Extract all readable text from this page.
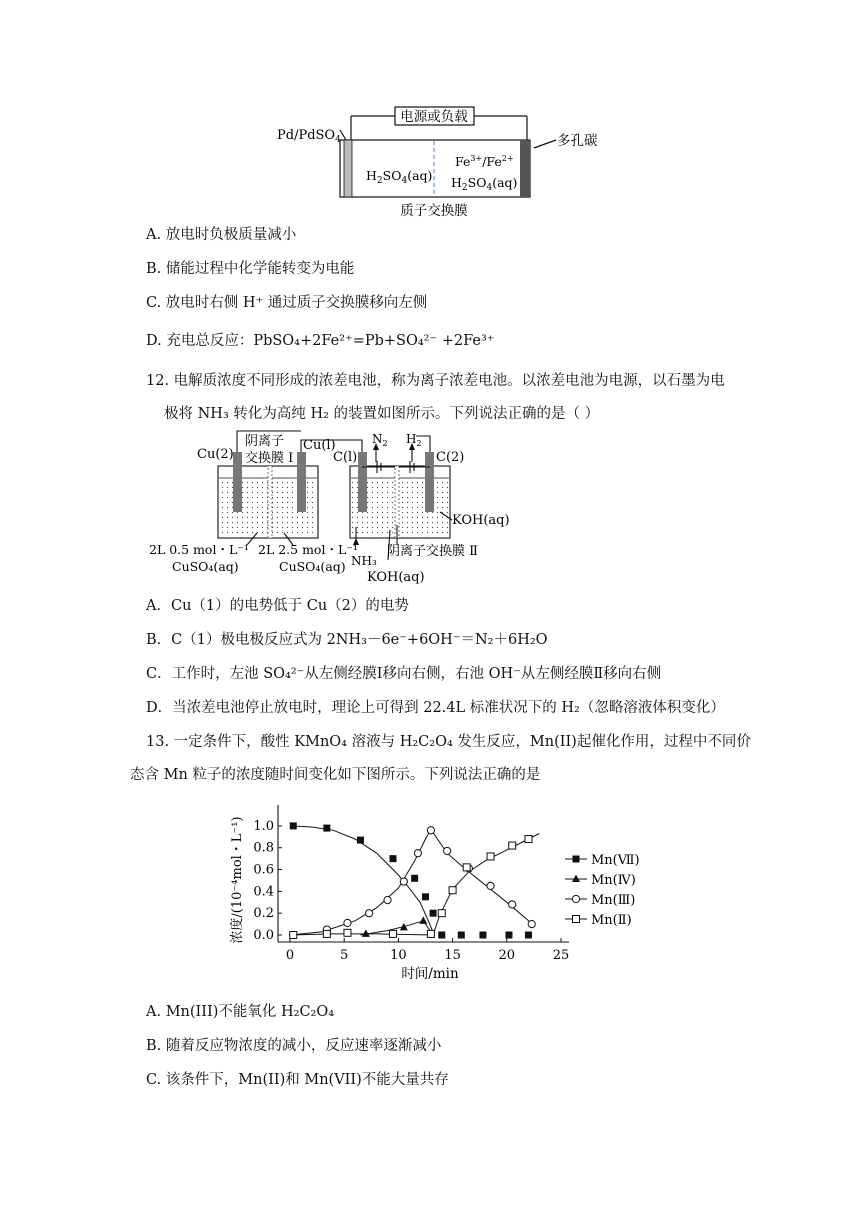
电源或负载
Pd/PdSO$_4$	多孔碳
$H_2SO_4(aq)$
$Fe^{3+}/Fe^{2+}$
$H_2SO_4(aq)$
质子交换膜
A. 放电时负极质量减小
B. 储能过程中化学能转变为电能
C. 放电时右侧 H⁺ 通过质子交换膜移向左侧
D. 充电总反应：PbSO₄+2Fe²⁺=Pb+SO₄²⁻ +2Fe³⁺
12. 电解质浓度不同形成的浓差电池，称为离子浓差电池。以浓差电池为电源，以石墨为电
极将 NH₃ 转化为高纯 H₂ 的装置如图所示。下列说法正确的是（ ）
Cu(2)
阴离子
交换膜 I
Cu(l)
C(l)
$N_2$ $H_2$
C(2)
KOH(aq)
2L 0.5 mol・L⁻¹
CuSO₄(aq)
2L 2.5 mol・L⁻¹
CuSO₄(aq) NH₃
阴离子交换膜 Ⅱ
KOH(aq)
A．Cu（1）的电势低于 Cu（2）的电势
B．C（1）极电极反应式为 2NH₃－6e⁻+6OH⁻＝N₂＋6H₂O
C．工作时，左池 SO₄²⁻从左侧经膜Ⅰ移向右侧，右池 OH⁻从左侧经膜Ⅱ移向右侧
D．当浓差电池停止放电时，理论上可得到 22.4L 标准状况下的 H₂（忽略溶液体积变化）
13. 一定条件下，酸性 KMnO₄ 溶液与 H₂C₂O₄ 发生反应，Mn(II)起催化作用，过程中不同价
态含 Mn 粒子的浓度随时间变化如下图所示。下列说法正确的是
0	5	10	15	20	25
0.0
0.2
0.4
0.6
0.8
1.0
Mn(Ⅶ)
Mn(Ⅳ)
Mn(Ⅲ)
Mn(Ⅱ)
时间/min
浓度/(10⁻⁴mol・L⁻¹)
A. Mn(III)不能氧化 H₂C₂O₄
B. 随着反应物浓度的减小，反应速率逐渐减小
C. 该条件下，Mn(II)和 Mn(VII)不能大量共存
